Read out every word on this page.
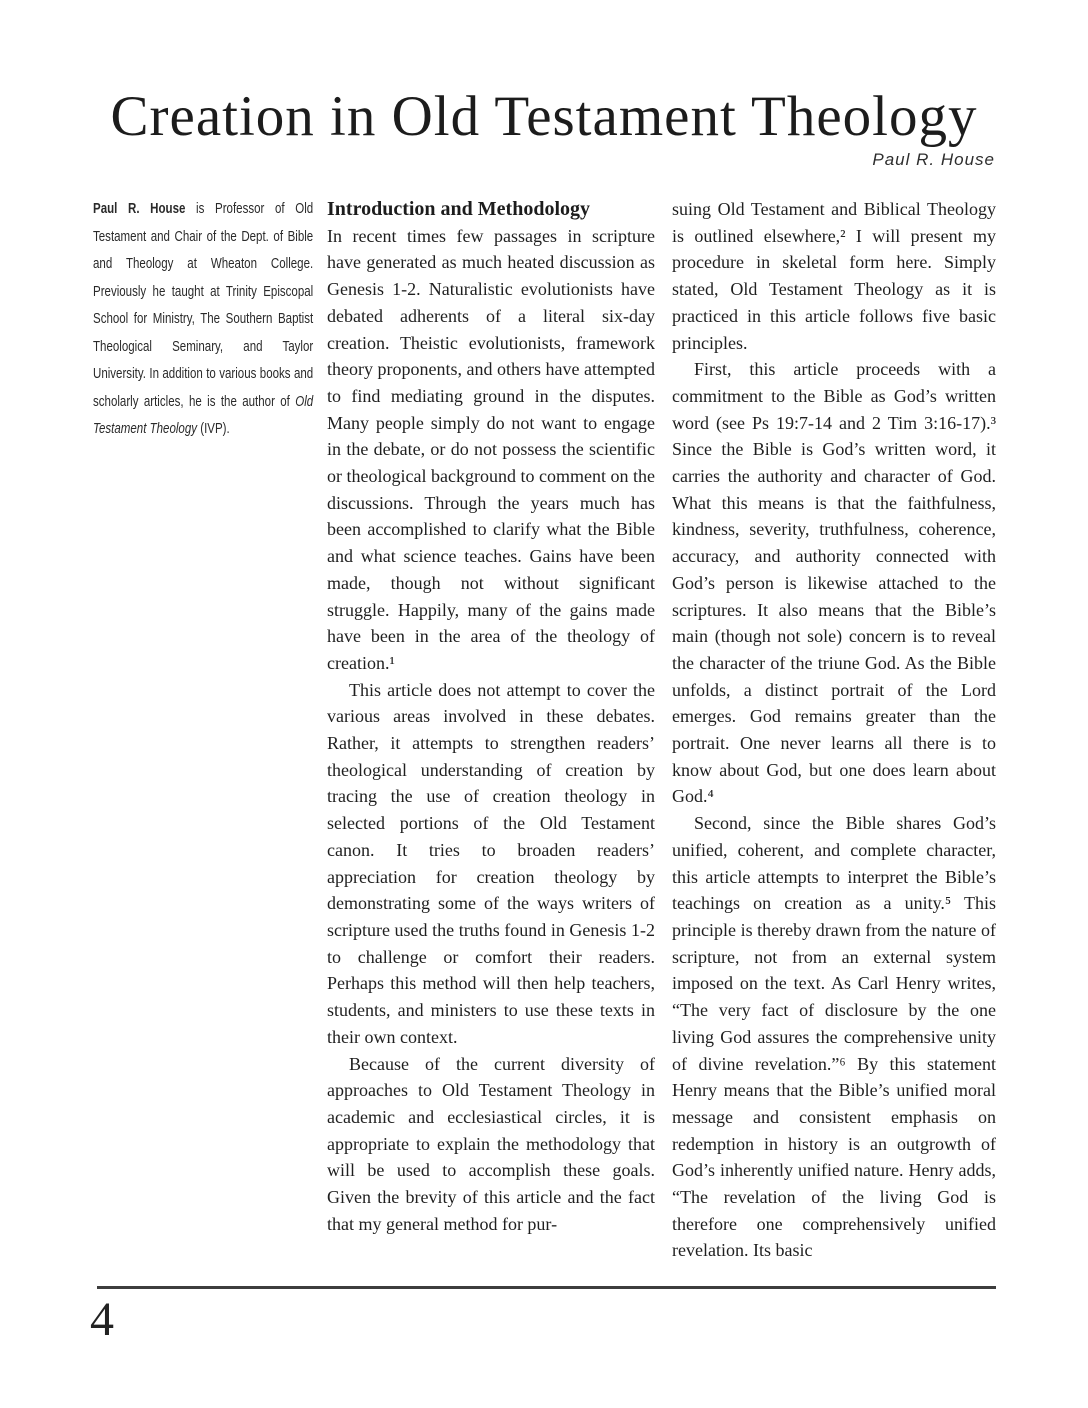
Creation in Old Testament Theology
Paul R. House

Paul R. House is Professor of Old Testament and Chair of the Dept. of Bible and Theology at Wheaton College. Previously he taught at Trinity Episcopal School for Ministry, The Southern Baptist Theological Seminary, and Taylor University. In addition to various books and scholarly articles, he is the author of Old Testament Theology (IVP).

Introduction and Methodology

In recent times few passages in scripture have generated as much heated discussion as Genesis 1-2. Naturalistic evolutionists have debated adherents of a literal six-day creation. Theistic evolutionists, framework theory proponents, and others have attempted to find mediating ground in the disputes. Many people simply do not want to engage in the debate, or do not possess the scientific or theological background to comment on the discussions. Through the years much has been accomplished to clarify what the Bible and what science teaches. Gains have been made, though not without significant struggle. Happily, many of the gains made have been in the area of the theology of creation.¹

This article does not attempt to cover the various areas involved in these debates. Rather, it attempts to strengthen readers’ theological understanding of creation by tracing the use of creation theology in selected portions of the Old Testament canon. It tries to broaden readers’ appreciation for creation theology by demonstrating some of the ways writers of scripture used the truths found in Genesis 1-2 to challenge or comfort their readers. Perhaps this method will then help teachers, students, and ministers to use these texts in their own context.

Because of the current diversity of approaches to Old Testament Theology in academic and ecclesiastical circles, it is appropriate to explain the methodology that will be used to accomplish these goals. Given the brevity of this article and the fact that my general method for pur-

suing Old Testament and Biblical Theology is outlined elsewhere,² I will present my procedure in skeletal form here. Simply stated, Old Testament Theology as it is practiced in this article follows five basic principles.

First, this article proceeds with a commitment to the Bible as God’s written word (see Ps 19:7-14 and 2 Tim 3:16-17).³ Since the Bible is God’s written word, it carries the authority and character of God. What this means is that the faithfulness, kindness, severity, truthfulness, coherence, accuracy, and authority connected with God’s person is likewise attached to the scriptures. It also means that the Bible’s main (though not sole) concern is to reveal the character of the triune God. As the Bible unfolds, a distinct portrait of the Lord emerges. God remains greater than the portrait. One never learns all there is to know about God, but one does learn about God.⁴

Second, since the Bible shares God’s unified, coherent, and complete character, this article attempts to interpret the Bible’s teachings on creation as a unity.⁵ This principle is thereby drawn from the nature of scripture, not from an external system imposed on the text. As Carl Henry writes, “The very fact of disclosure by the one living God assures the comprehensive unity of divine revelation.”⁶ By this statement Henry means that the Bible’s unified moral message and consistent emphasis on redemption in history is an outgrowth of God’s inherently unified nature. Henry adds, “The revelation of the living God is therefore one comprehensively unified revelation. Its basic

4
